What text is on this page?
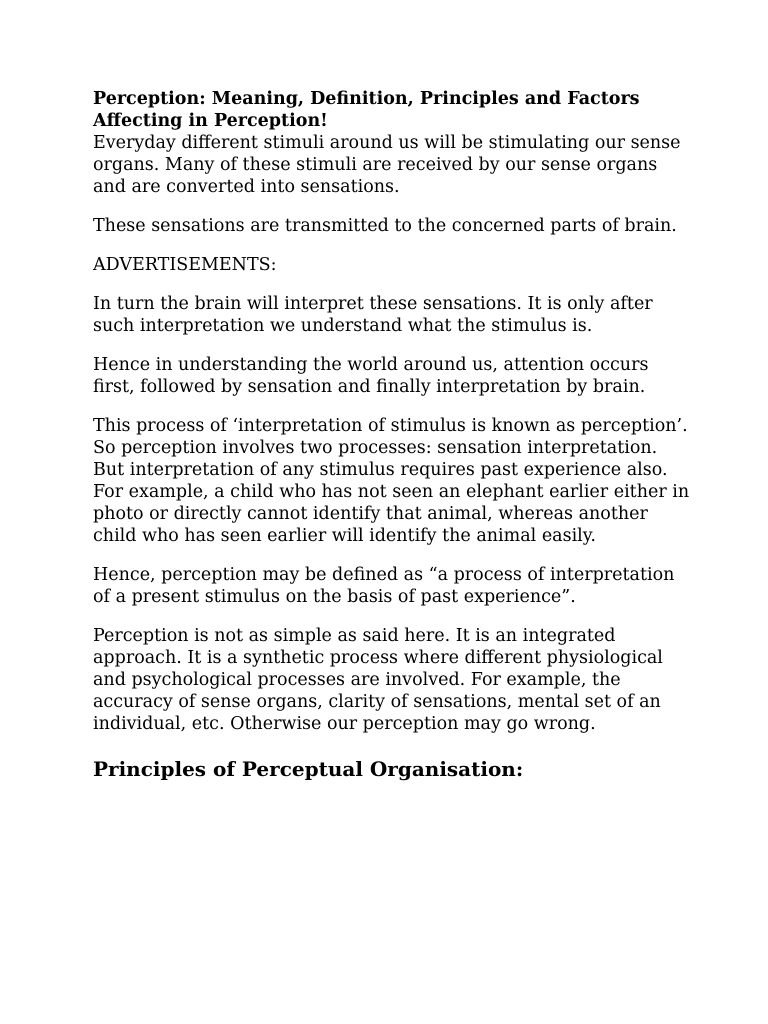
Perception: Meaning, Definition, Principles and Factors Affecting in Perception!

Everyday different stimuli around us will be stimulating our sense organs. Many of these stimuli are received by our sense organs and are converted into sensations.

These sensations are transmitted to the concerned parts of brain.

ADVERTISEMENTS:

In turn the brain will interpret these sensations. It is only after such interpretation we understand what the stimulus is.

Hence in understanding the world around us, attention occurs first, followed by sensation and finally interpretation by brain.

This process of ‘interpretation of stimulus is known as perception’. So perception involves two processes: sensation interpretation. But interpretation of any stimulus requires past experience also. For example, a child who has not seen an elephant earlier either in photo or directly cannot identify that animal, whereas another child who has seen earlier will identify the animal easily.

Hence, perception may be defined as “a process of interpretation of a present stimulus on the basis of past experience”.

Perception is not as simple as said here. It is an integrated approach. It is a synthetic process where different physiological and psychological processes are involved. For example, the accuracy of sense organs, clarity of sensations, mental set of an individual, etc. Otherwise our perception may go wrong.

Principles of Perceptual Organisation:
